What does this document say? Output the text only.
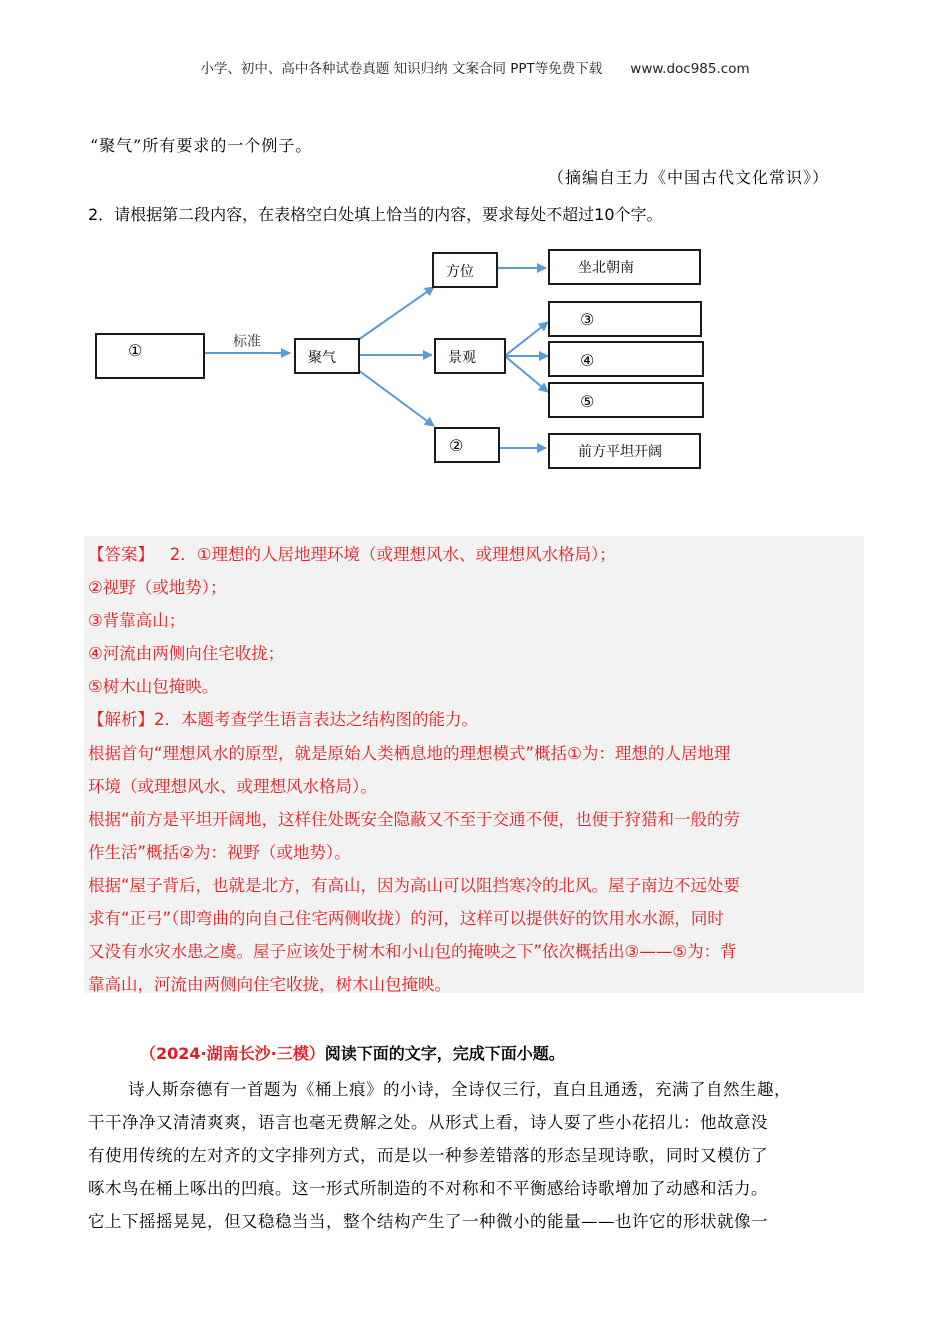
小学、初中、高中各种试卷真题 知识归纳 文案合同 PPT等免费下载 www.doc985.com
“聚气”所有要求的一个例子。
（摘编自王力《中国古代文化常识》）
2．请根据第二段内容，在表格空白处填上恰当的内容，要求每处不超过10个字。
①	标准
聚气
方位
景观
②
坐北朝南
③
④
⑤
前方平坦开阔
【答案】 2．①理想的人居地理环境（或理想风水、或理想风水格局）；
②视野（或地势）；
③背靠高山；
④河流由两侧向住宅收拢；
⑤树木山包掩映。
【解析】2．本题考查学生语言表达之结构图的能力。
根据首句“理想风水的原型，就是原始人类栖息地的理想模式”概括①为：理想的人居地理
环境（或理想风水、或理想风水格局）。
根据“前方是平坦开阔地，这样住处既安全隐蔽又不至于交通不便，也便于狩猎和一般的劳
作生活”概括②为：视野（或地势）。
根据“屋子背后，也就是北方，有高山，因为高山可以阻挡寒冷的北风。屋子南边不远处要
求有“正弓”（即弯曲的向自己住宅两侧收拢）的河，这样可以提供好的饮用水水源，同时
又没有水灾水患之虞。屋子应该处于树木和小山包的掩映之下”依次概括出③——⑤为：背
靠高山，河流由两侧向住宅收拢，树木山包掩映。
（2024·湖南长沙·三模）阅读下面的文字，完成下面小题。
诗人斯奈德有一首题为《桶上痕》的小诗，全诗仅三行，直白且通透，充满了自然生趣，
干干净净又清清爽爽，语言也毫无费解之处。从形式上看，诗人耍了些小花招儿：他故意没
有使用传统的左对齐的文字排列方式，而是以一种参差错落的形态呈现诗歌，同时又模仿了
啄木鸟在桶上啄出的凹痕。这一形式所制造的不对称和不平衡感给诗歌增加了动感和活力。
它上下摇摇晃晃，但又稳稳当当，整个结构产生了一种微小的能量——也许它的形状就像一
